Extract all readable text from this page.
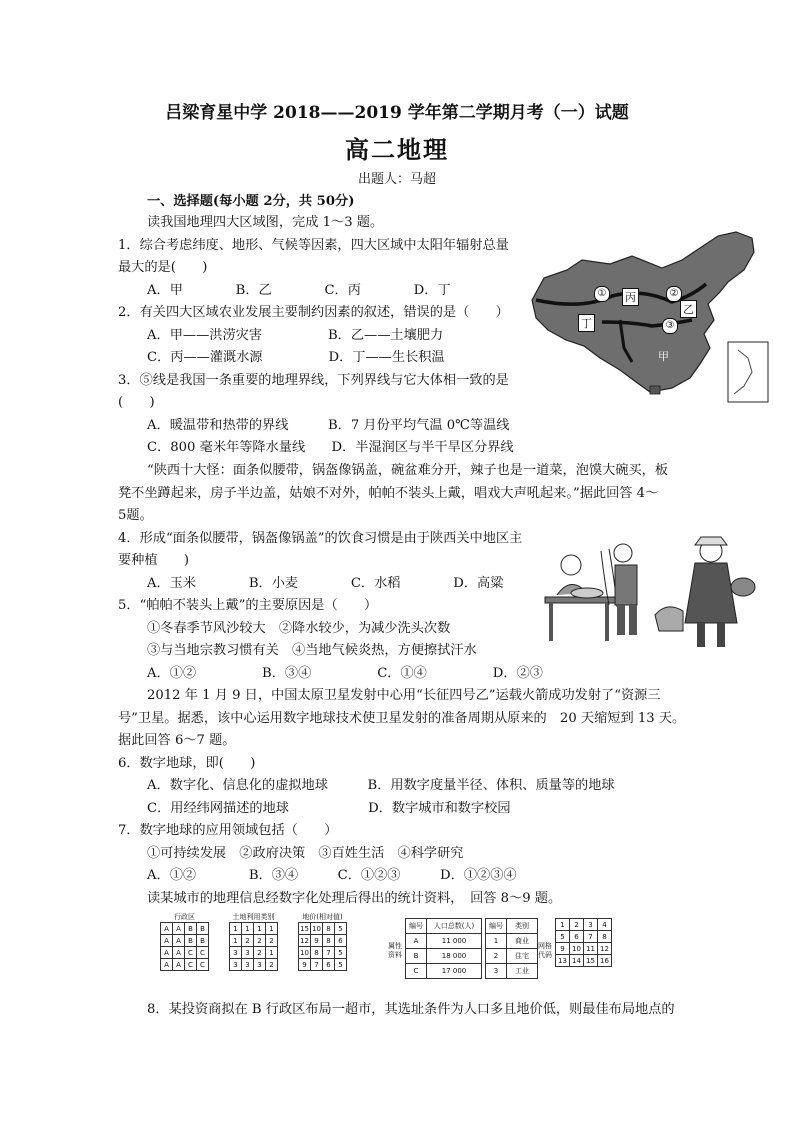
吕梁育星中学 2018——2019 学年第二学期月考（一）试题
高二地理
出题人：马超
一、选择题(每小题 2分，共 50分)
读我国地理四大区域图，完成 1～3 题。
1．综合考虑纬度、地形、气候等因素，四大区域中太阳年辐射总量
最大的是(　　)
A．甲　　　　B．乙　　　　C．丙　　　　D．丁
2．有关四大区域农业发展主要制约因素的叙述，错误的是（　　）
A．甲——洪涝灾害　　　　　B．乙——土壤肥力
C．丙——灌溉水源　　　　　D．丁——生长积温
3．⑤线是我国一条重要的地理界线，下列界线与它大体相一致的是
(　　)
A．暖温带和热带的界线　　　B．7 月份平均气温 0℃等温线
C．800 毫米年等降水量线　　D．半湿润区与半干旱区分界线
“陕西十大怪：面条似腰带，锅盔像锅盖，碗盆难分开，辣子也是一道菜，泡馍大碗买，板
凳不坐蹲起来，房子半边盖，姑娘不对外，帕帕不装头上戴，唱戏大声吼起来。”据此回答 4～
5题。
4．形成“面条似腰带，锅盔像锅盖”的饮食习惯是由于陕西关中地区主
要种植　　)
A．玉米　　　　B．小麦　　　　C．水稻　　　　D．高粱
5．“帕帕不装头上戴”的主要原因是（　　）
①冬春季节风沙较大　②降水较少，为减少洗头次数
③与当地宗教习惯有关　④当地气候炎热，方便擦拭汗水
A．①②　　　　　B．③④　　　　　C．①④　　　　　D．②③
2012 年 1 月 9 日，中国太原卫星发射中心用“长征四号乙”运载火箭成功发射了“资源三
号”卫星。据悉，该中心运用数字地球技术使卫星发射的准备周期从原来的　20 天缩短到 13 天。
据此回答 6～7 题。
6．数字地球，即(　　)
A．数字化、信息化的虚拟地球　　　B．用数字度量半径、体积、质量等的地球
C．用经纬网描述的地球　　　　　　D．数字城市和数字校园
7．数字地球的应用领域包括（　　）
①可持续发展　②政府决策　③百姓生活　④科学研究
A．①②　　　　B．③④　　　C．①②③　　　D．①②③④
读某城市的地理信息经数字化处理后得出的统计资料，　回答 8～9 题。
8．某投资商拟在 B 行政区布局一超市，其选址条件为人口多且地价低，则最佳布局地点的
①	②
③
丙
乙
丁
甲
行政区
A	A	B	B
A	A	B	B
A	A	C	C
A	A	C	C
土地利用类别
1	1	1	1
1	2	2	2
3	3	2	1
3	3	3	2
地价(相对值)
15	10	8	5
12	9	8	6
10	8	7	5
9	7	6	5
属性资料
编号	人口总数(人)
A	11 000
B	18 000
C	17 000
编号	类别
1	商业
2	住宅
3	工业
网格代码
1	2	3	4
5	6	7	8
9	10	11	12
13	14	15	16
